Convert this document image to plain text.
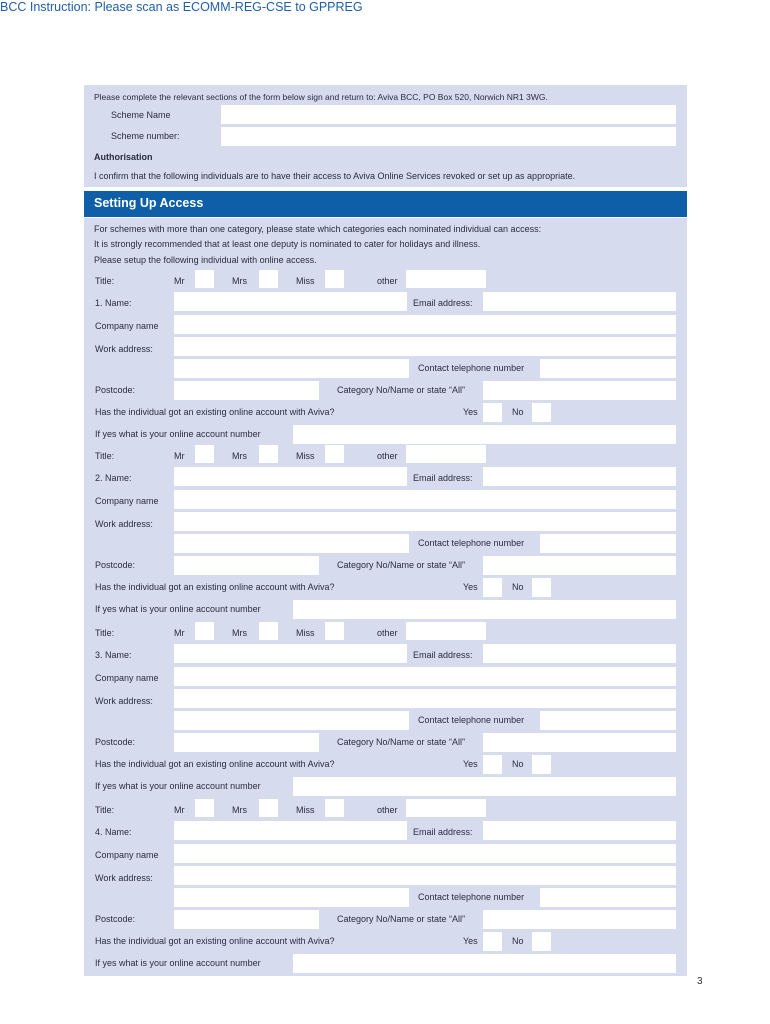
BCC Instruction: Please scan as ECOMM-REG-CSE to GPPREG
Please complete the relevant sections of the form below sign and return to: Aviva BCC, PO Box 520, Norwich NR1 3WG.
Scheme Name
Scheme number:
Authorisation
I confirm that the following individuals are to have their access to Aviva Online Services revoked or set up as appropriate.
Setting Up Access
For schemes with more than one category, please state which categories each nominated individual can access:
It is strongly recommended that at least one deputy is nominated to cater for holidays and illness.
Please setup the following individual with online access.
Title:	Mr	Mrs	Miss	other
1. Name:	Email address:
Company name
Work address:
Contact telephone number
Postcode:	Category No/Name or state “All”
Has the individual got an existing online account with Aviva?	Yes	No
If yes what is your online account number
Title:	Mr	Mrs	Miss	other
2. Name:	Email address:
Company name
Work address:
Contact telephone number
Postcode:	Category No/Name or state “All”
Has the individual got an existing online account with Aviva?	Yes	No
If yes what is your online account number
Title:	Mr	Mrs	Miss	other
3. Name:	Email address:
Company name
Work address:
Contact telephone number
Postcode:	Category No/Name or state “All”
Has the individual got an existing online account with Aviva?	Yes	No
If yes what is your online account number
Title:	Mr	Mrs	Miss	other
4. Name:	Email address:
Company name
Work address:
Contact telephone number
Postcode:	Category No/Name or state “All”
Has the individual got an existing online account with Aviva?	Yes	No
If yes what is your online account number
3
